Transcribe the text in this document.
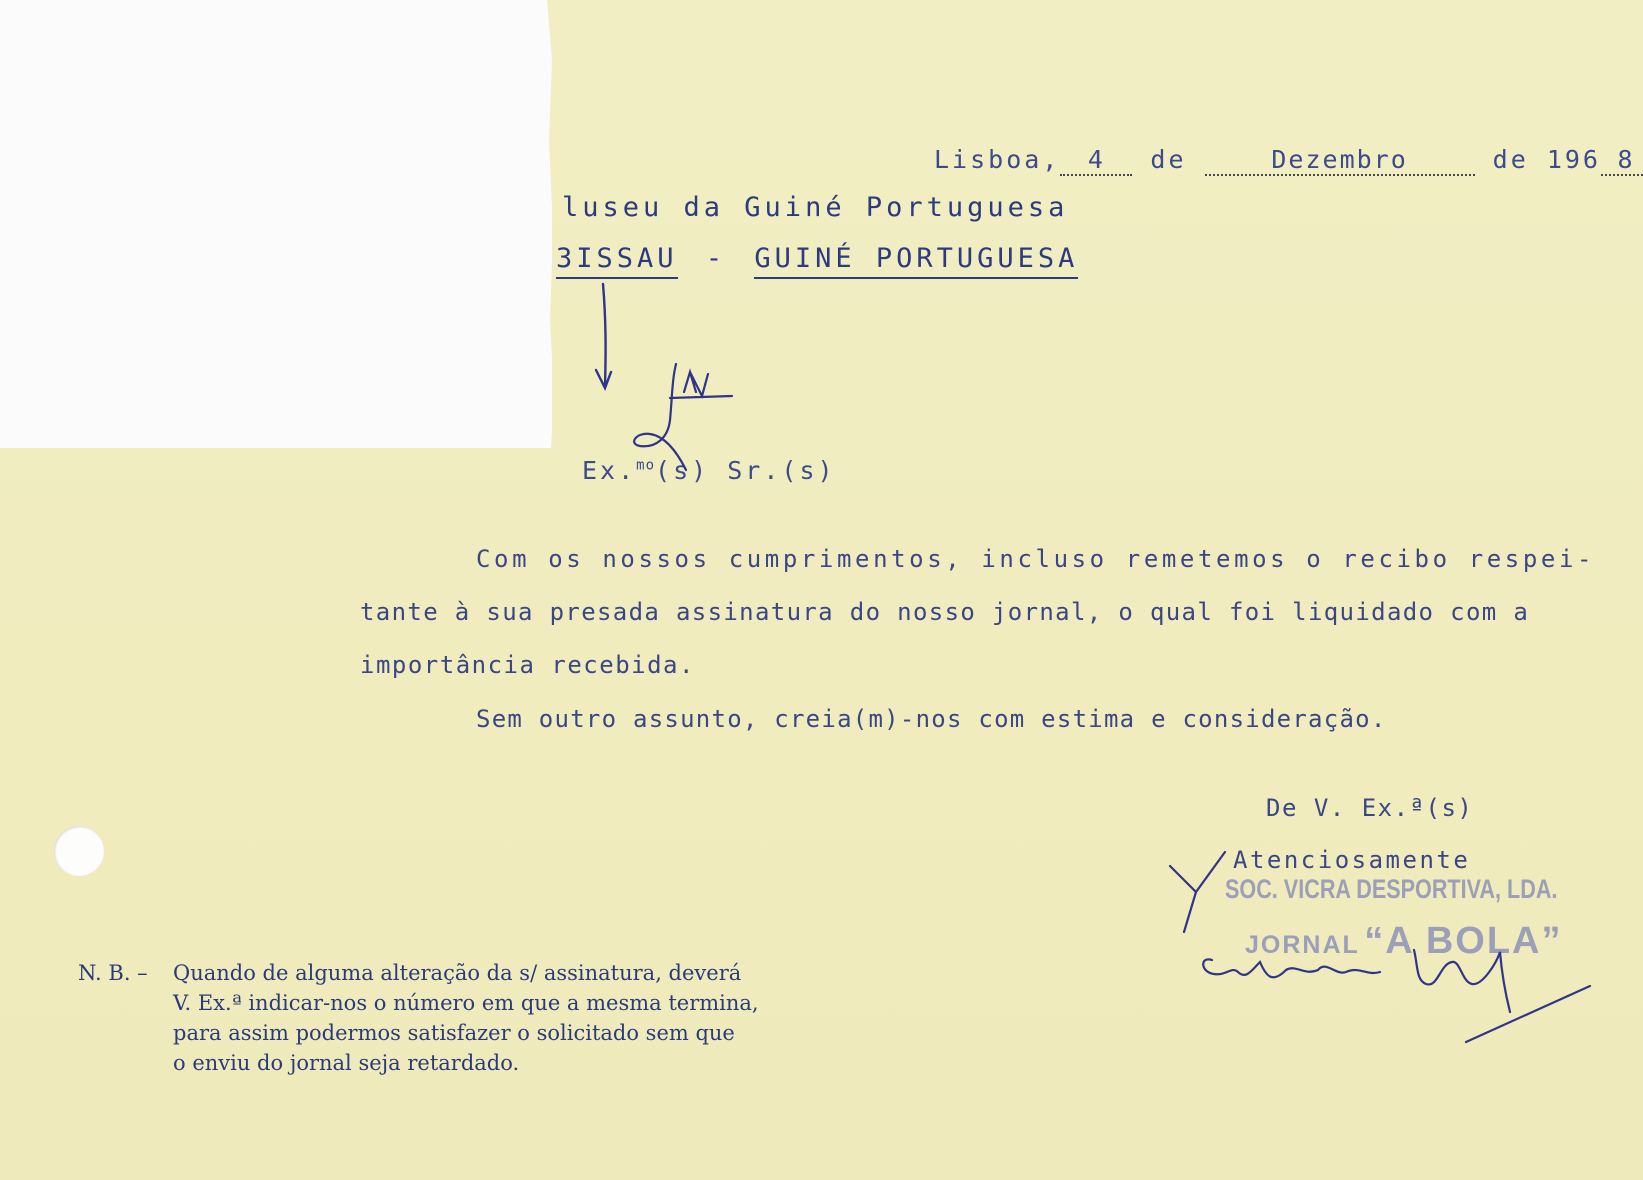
Lisboa, 4 de	Dezembro	de 196 8
luseu da Guiné Portuguesa
3ISSAU - GUINÉ PORTUGUESA
Ex.$^{mo}$(s) Sr.(s)
Com os nossos cumprimentos, incluso remetemos o recibo respei-
tante à sua presada assinatura do nosso jornal, o qual foi liquidado com a
importância recebida.
Sem outro assunto, creia(m)-nos com estima e consideração.
De V. Ex.ª(s)
Atenciosamente
SOC. VICRA DESPORTIVA, LDA.
JORNAL “A BOLA”
N. B. – Quando de alguma alteração da s/ assinatura, deverá
V. Ex.ª indicar-nos o número em que a mesma termina,
para assim podermos satisfazer o solicitado sem que
o enviu do jornal seja retardado.
